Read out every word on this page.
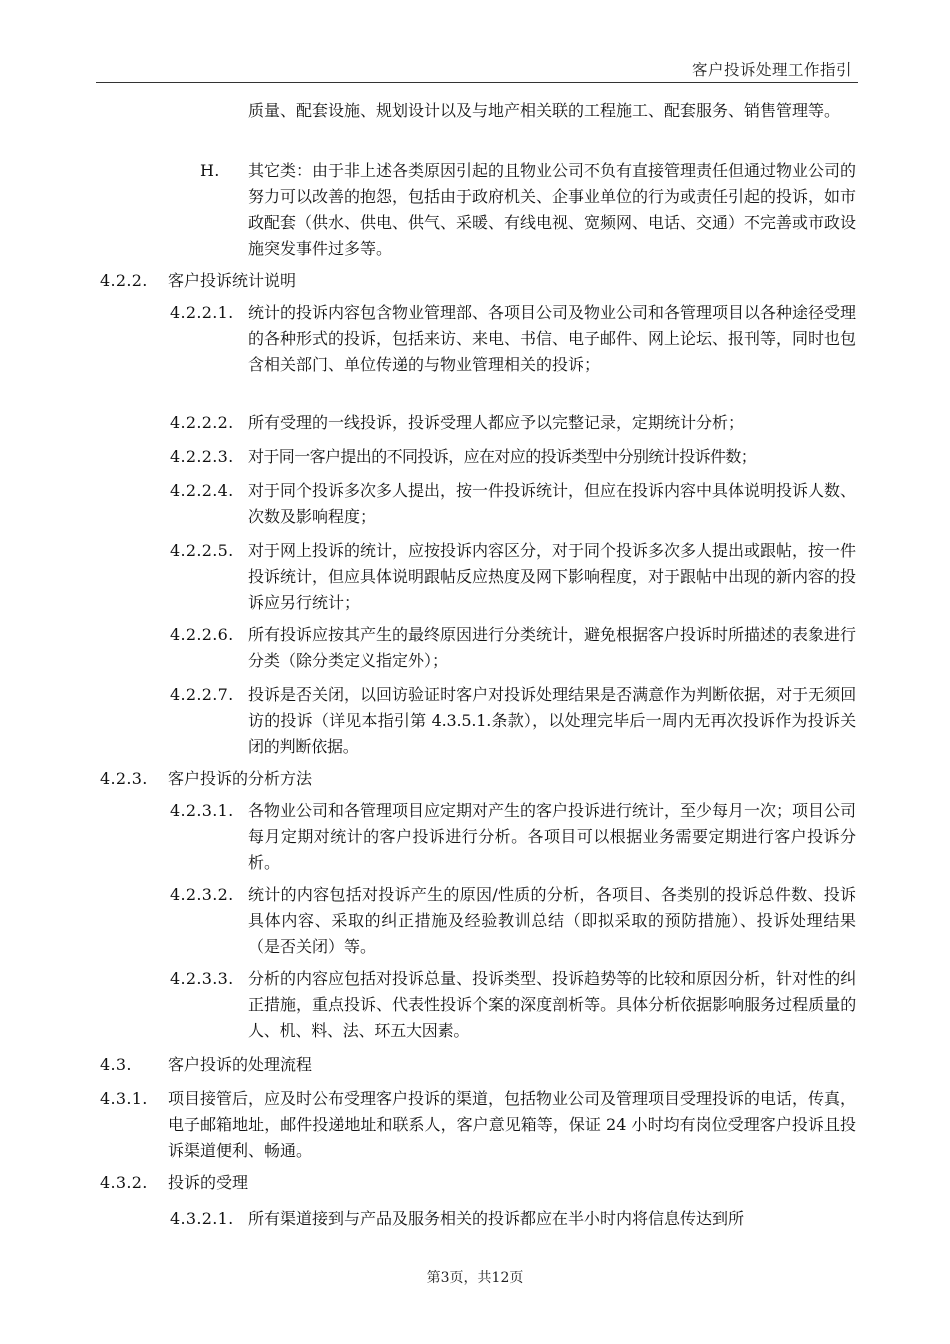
客户投诉处理工作指引
质量、配套设施、规划设计以及与地产相关联的工程施工、配套服务、销售管理等。
H. 其它类：由于非上述各类原因引起的且物业公司不负有直接管理责任但通过物业公司的努力可以改善的抱怨，包括由于政府机关、企事业单位的行为或责任引起的投诉，如市政配套（供水、供电、供气、采暖、有线电视、宽频网、电话、交通）不完善或市政设施突发事件过多等。
4.2.2. 客户投诉统计说明
4.2.2.1. 统计的投诉内容包含物业管理部、各项目公司及物业公司和各管理项目以各种途径受理的各种形式的投诉，包括来访、来电、书信、电子邮件、网上论坛、报刊等，同时也包含相关部门、单位传递的与物业管理相关的投诉；
4.2.2.2. 所有受理的一线投诉，投诉受理人都应予以完整记录，定期统计分析；
4.2.2.3. 对于同一客户提出的不同投诉，应在对应的投诉类型中分别统计投诉件数；
4.2.2.4. 对于同个投诉多次多人提出，按一件投诉统计，但应在投诉内容中具体说明投诉人数、次数及影响程度；
4.2.2.5. 对于网上投诉的统计，应按投诉内容区分，对于同个投诉多次多人提出或跟帖，按一件投诉统计，但应具体说明跟帖反应热度及网下影响程度，对于跟帖中出现的新内容的投诉应另行统计；
4.2.2.6. 所有投诉应按其产生的最终原因进行分类统计，避免根据客户投诉时所描述的表象进行分类（除分类定义指定外）；
4.2.2.7. 投诉是否关闭，以回访验证时客户对投诉处理结果是否满意作为判断依据，对于无须回访的投诉（详见本指引第 4.3.5.1.条款），以处理完毕后一周内无再次投诉作为投诉关闭的判断依据。
4.2.3. 客户投诉的分析方法
4.2.3.1. 各物业公司和各管理项目应定期对产生的客户投诉进行统计，至少每月一次；项目公司每月定期对统计的客户投诉进行分析。各项目可以根据业务需要定期进行客户投诉分析。
4.2.3.2. 统计的内容包括对投诉产生的原因/性质的分析，各项目、各类别的投诉总件数、投诉具体内容、采取的纠正措施及经验教训总结（即拟采取的预防措施）、投诉处理结果（是否关闭）等。
4.2.3.3. 分析的内容应包括对投诉总量、投诉类型、投诉趋势等的比较和原因分析，针对性的纠正措施，重点投诉、代表性投诉个案的深度剖析等。具体分析依据影响服务过程质量的人、机、料、法、环五大因素。
4.3. 客户投诉的处理流程
4.3.1. 项目接管后，应及时公布受理客户投诉的渠道，包括物业公司及管理项目受理投诉的电话，传真，电子邮箱地址，邮件投递地址和联系人，客户意见箱等，保证 24 小时均有岗位受理客户投诉且投诉渠道便利、畅通。
4.3.2. 投诉的受理
4.3.2.1. 所有渠道接到与产品及服务相关的投诉都应在半小时内将信息传达到所
第3页，共12页
